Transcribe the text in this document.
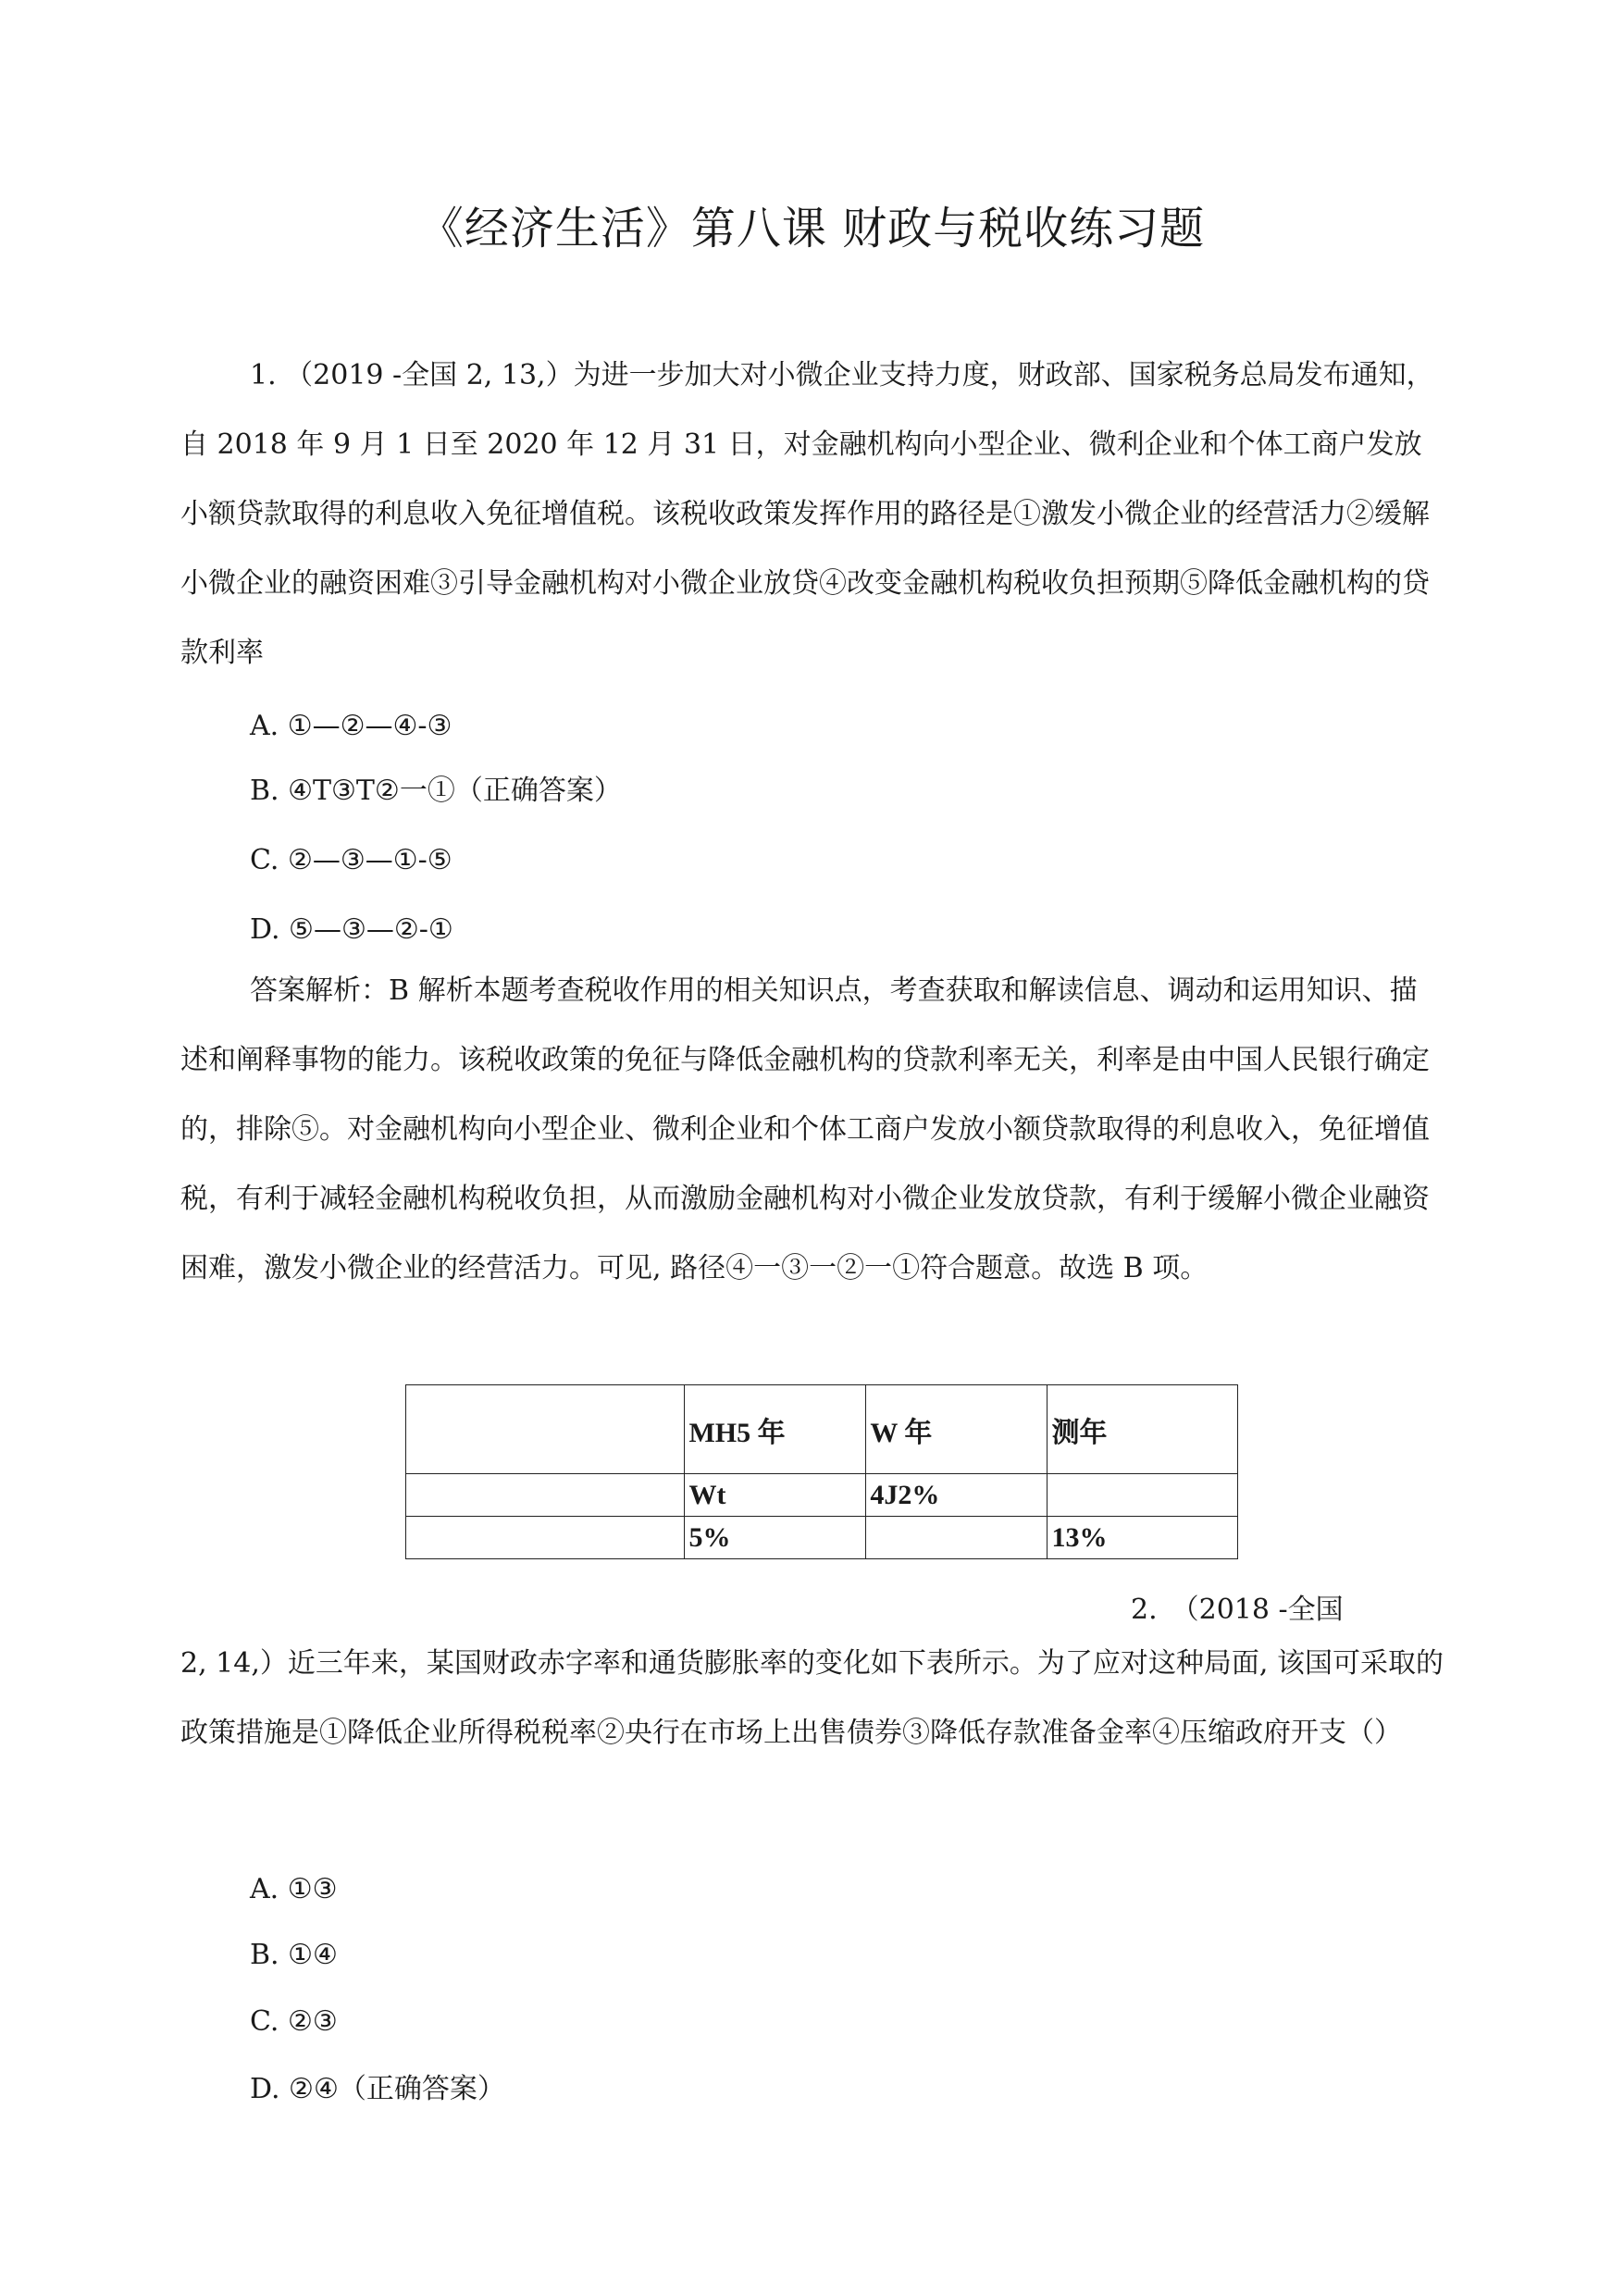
《经济生活》第八课 财政与税收练习题

1. （2019 -全国 2, 13,）为进一步加大对小微企业支持力度，财政部、国家税务总局发布通知，自 2018 年 9 月 1 日至 2020 年 12 月 31 日，对金融机构向小型企业、微利企业和个体工商户发放小额贷款取得的利息收入免征增值税。该税收政策发挥作用的路径是①激发小微企业的经营活力②缓解小微企业的融资困难③引导金融机构对小微企业放贷④改变金融机构税收负担预期⑤降低金融机构的贷款利率

A. ①—②—④-③

B. ④T③T②一①（正确答案）

C. ②—③—①-⑤

D. ⑤—③—②-①

答案解析：B 解析本题考查税收作用的相关知识点，考查获取和解读信息、调动和运用知识、描述和阐释事物的能力。该税收政策的免征与降低金融机构的贷款利率无关，利率是由中国人民银行确定的，排除⑤。对金融机构向小型企业、微利企业和个体工商户发放小额贷款取得的利息收入，免征增值税，有利于减轻金融机构税收负担，从而激励金融机构对小微企业发放贷款，有利于缓解小微企业融资困难，激发小微企业的经营活力。可见, 路径④一③一②一①符合题意。故选 B 项。

	MH5 年	W 年	测年
	Wt	4J2%	
	5%		13%
2.　（2018 -全国

2, 14,）近三年来，某国财政赤字率和通货膨胀率的变化如下表所示。为了应对这种局面, 该国可采取的政策措施是①降低企业所得税税率②央行在市场上出售债券③降低存款准备金率④压缩政府开支（）

A. ①③

B. ①④

C. ②③

D. ②④（正确答案）
